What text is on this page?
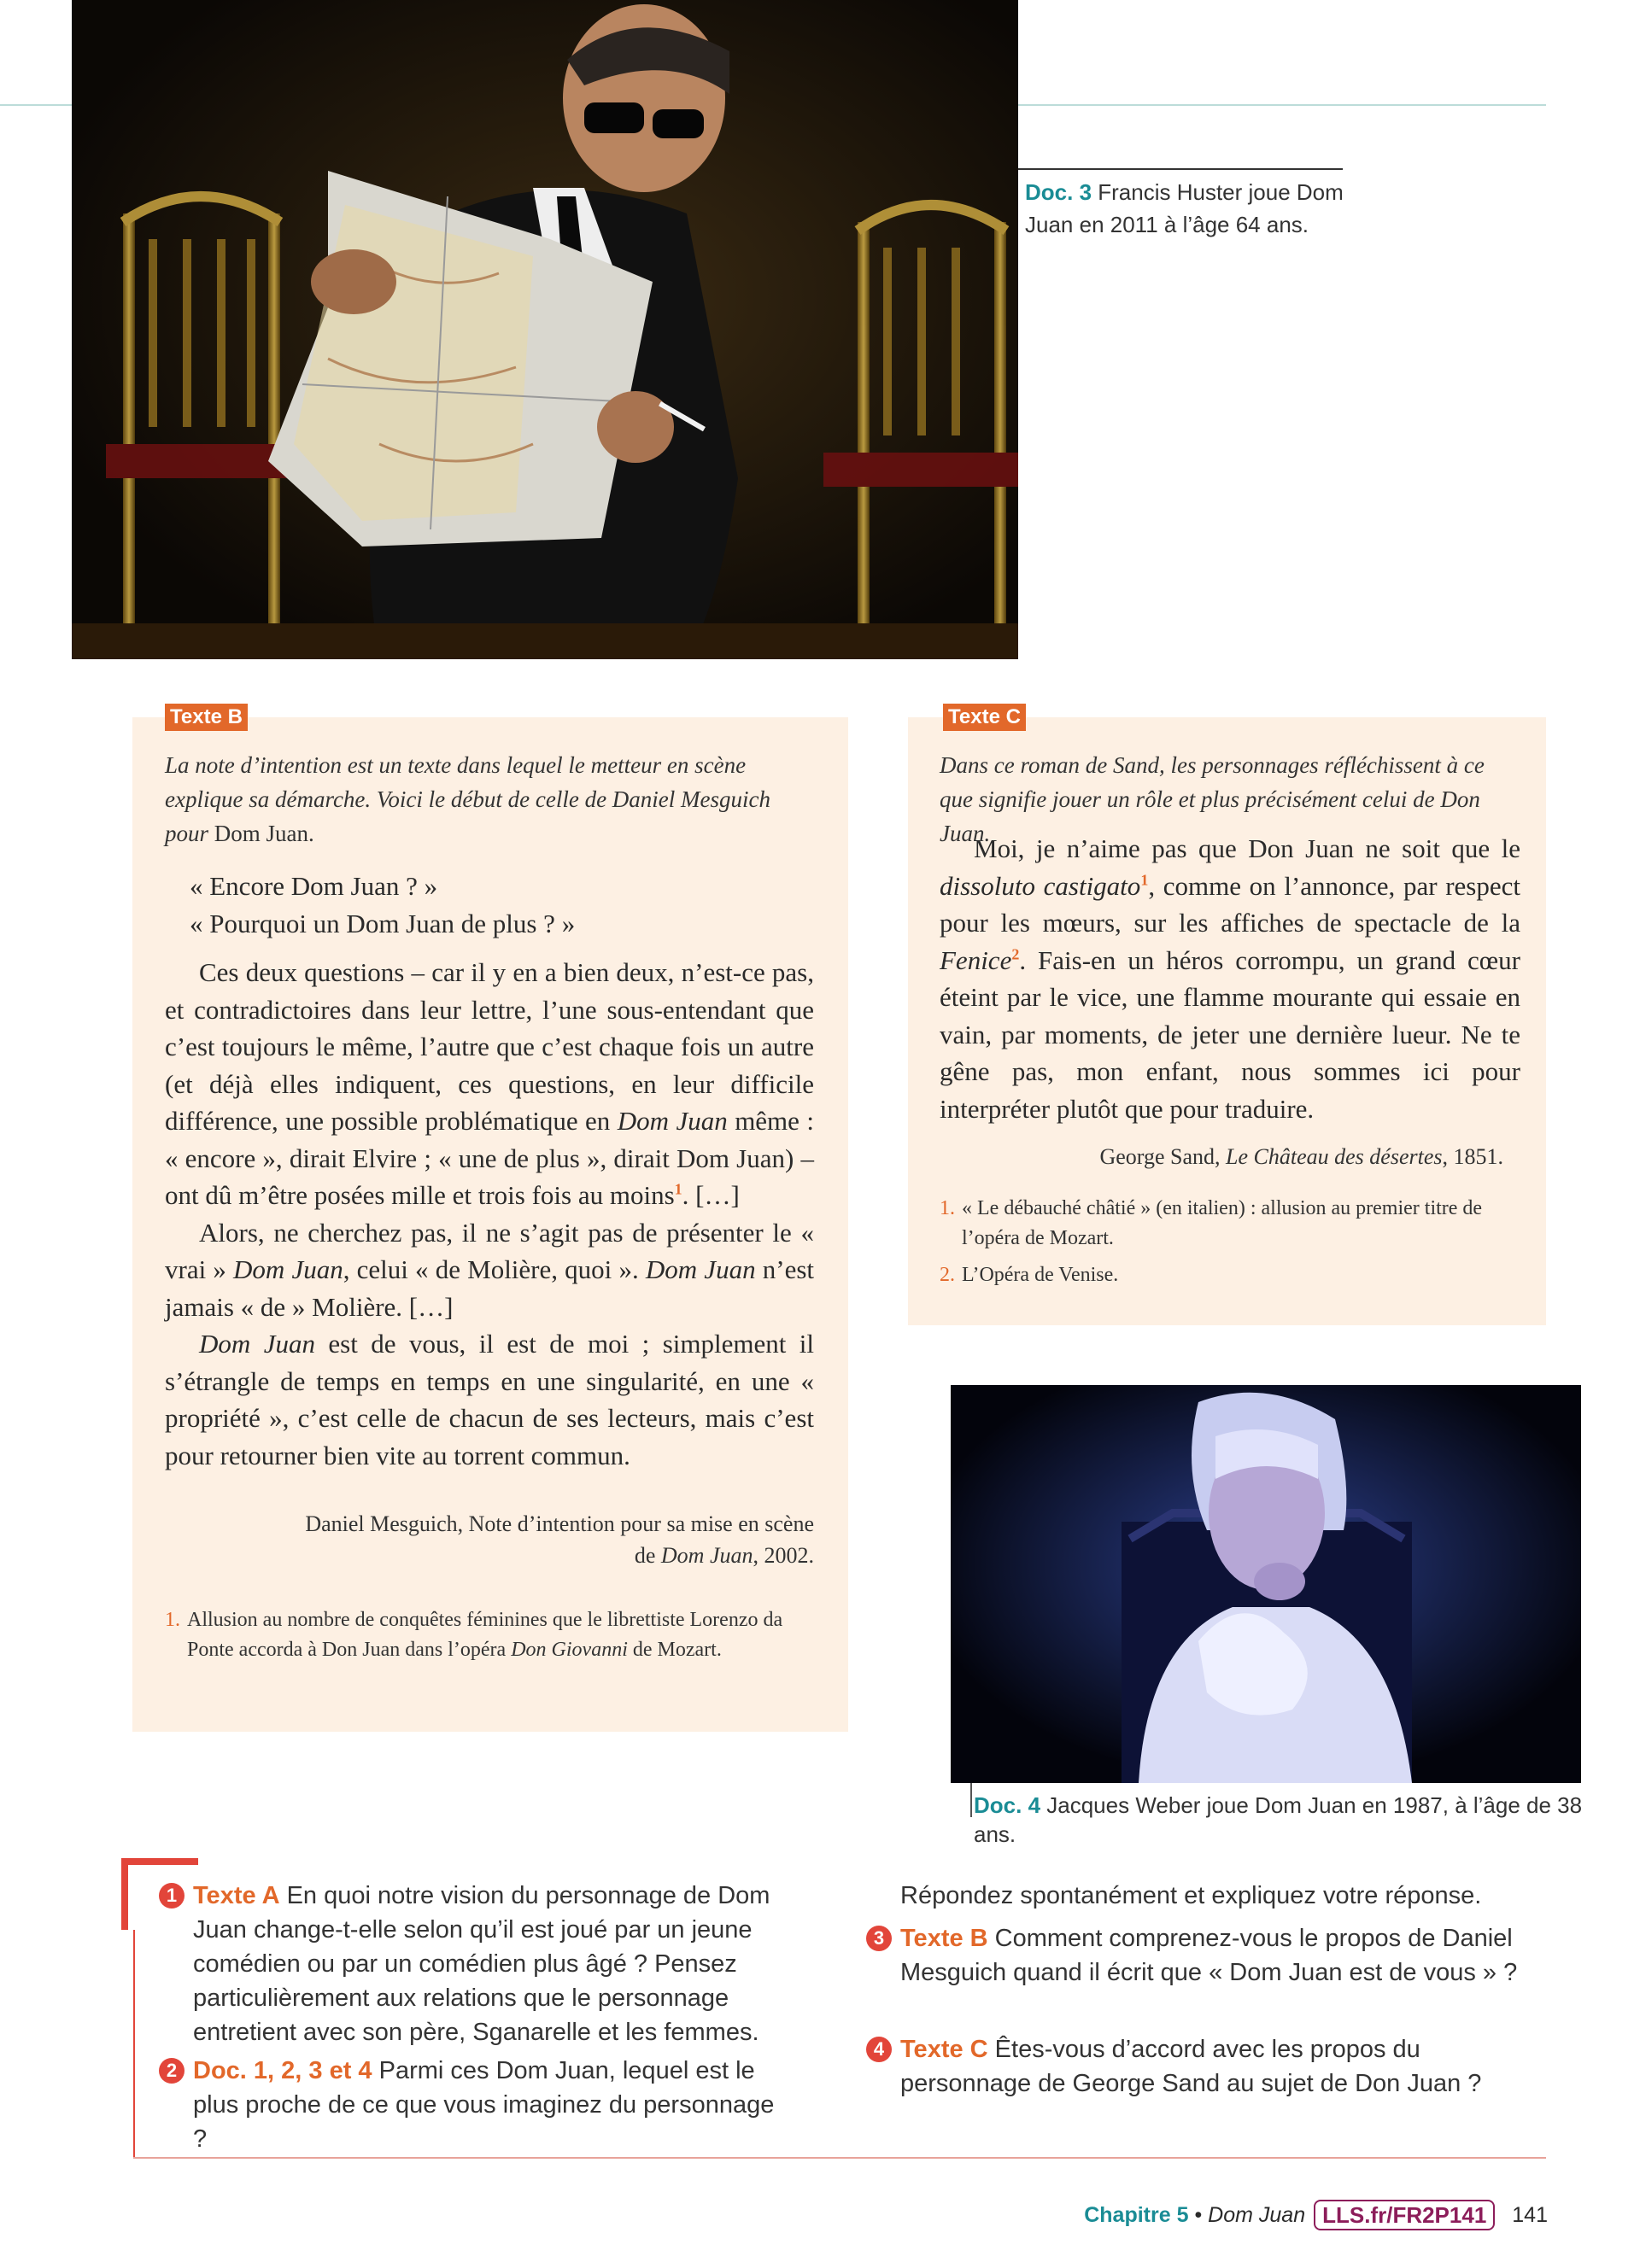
Doc. 3 Francis Huster joue Dom Juan en 2011 à l’âge 64 ans.
Texte B
La note d’intention est un texte dans lequel le metteur en scène explique sa démarche. Voici le début de celle de Daniel Mesguich pour Dom Juan.

« Encore Dom Juan ? »

« Pourquoi un Dom Juan de plus ? »

Ces deux questions – car il y en a bien deux, n’est-ce pas, et contradictoires dans leur lettre, l’une sous-entendant que c’est toujours le même, l’autre que c’est chaque fois un autre (et déjà elles indiquent, ces questions, en leur difficile différence, une possible problématique en Dom Juan même : « encore », dirait Elvire ; « une de plus », dirait Dom Juan) – ont dû m’être posées mille et trois fois au moins$^1$. […]

Alors, ne cherchez pas, il ne s’agit pas de présenter le « vrai » Dom Juan, celui « de Molière, quoi ». Dom Juan n’est jamais « de » Molière. […]

Dom Juan est de vous, il est de moi ; simplement il s’étrangle de temps en temps en une singularité, en une « propriété », c’est celle de chacun de ses lecteurs, mais c’est pour retourner bien vite au torrent commun.

Daniel Mesguich, Note d’intention pour sa mise en scène
de Dom Juan, 2002.
1. Allusion au nombre de conquêtes féminines que le librettiste Lorenzo da Ponte accorda à Don Juan dans l’opéra Don Giovanni de Mozart.
Texte C
Dans ce roman de Sand, les personnages réfléchissent à ce que signifie jouer un rôle et plus précisément celui de Don Juan.

Moi, je n’aime pas que Don Juan ne soit que le dissoluto castigato$^1$, comme on l’annonce, par respect pour les mœurs, sur les affiches de spectacle de la Fenice$^2$. Fais-en un héros corrompu, un grand cœur éteint par le vice, une flamme mourante qui essaie en vain, par moments, de jeter une dernière lueur. Ne te gêne pas, mon enfant, nous sommes ici pour interpréter plutôt que pour traduire.

George Sand, Le Château des désertes, 1851.
1. « Le débauché châtié » (en italien) : allusion au premier titre de l’opéra de Mozart.
2. L’Opéra de Venise.
Doc. 4 Jacques Weber joue Dom Juan en 1987, à l’âge de 38 ans.
1 Texte A En quoi notre vision du personnage de Dom Juan change-t-elle selon qu’il est joué par un jeune comédien ou par un comédien plus âgé ? Pensez particulièrement aux relations que le personnage entretient avec son père, Sganarelle et les femmes.
2 Doc. 1, 2, 3 et 4 Parmi ces Dom Juan, lequel est le plus proche de ce que vous imaginez du personnage ?
Répondez spontanément et expliquez votre réponse.
3 Texte B Comment comprenez-vous le propos de Daniel Mesguich quand il écrit que « Dom Juan est de vous » ?
4 Texte C Êtes-vous d’accord avec les propos du personnage de George Sand au sujet de Don Juan ?
Chapitre 5 • Dom Juan LLS.fr/FR2P141	141
